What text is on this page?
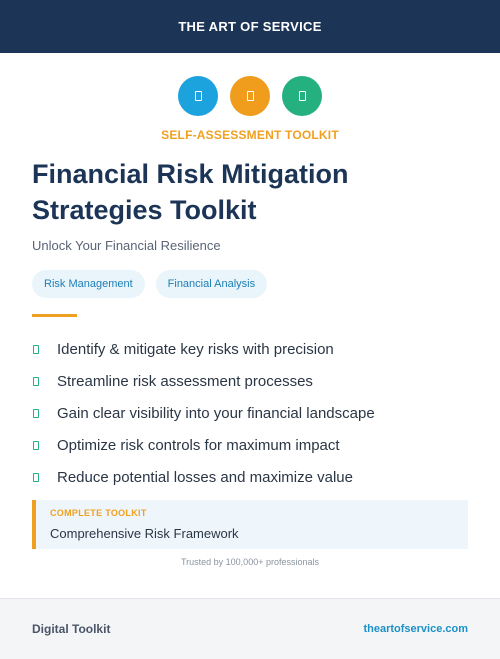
THE ART OF SERVICE
SELF-ASSESSMENT TOOLKIT
Financial Risk Mitigation Strategies Toolkit
Unlock Your Financial Resilience
Risk Management	Financial Analysis
Identify & mitigate key risks with precision
Streamline risk assessment processes
Gain clear visibility into your financial landscape
Optimize risk controls for maximum impact
Reduce potential losses and maximize value
COMPLETE TOOLKIT
Comprehensive Risk Framework
Trusted by 100,000+ professionals
Digital Toolkit	theartofservice.com
